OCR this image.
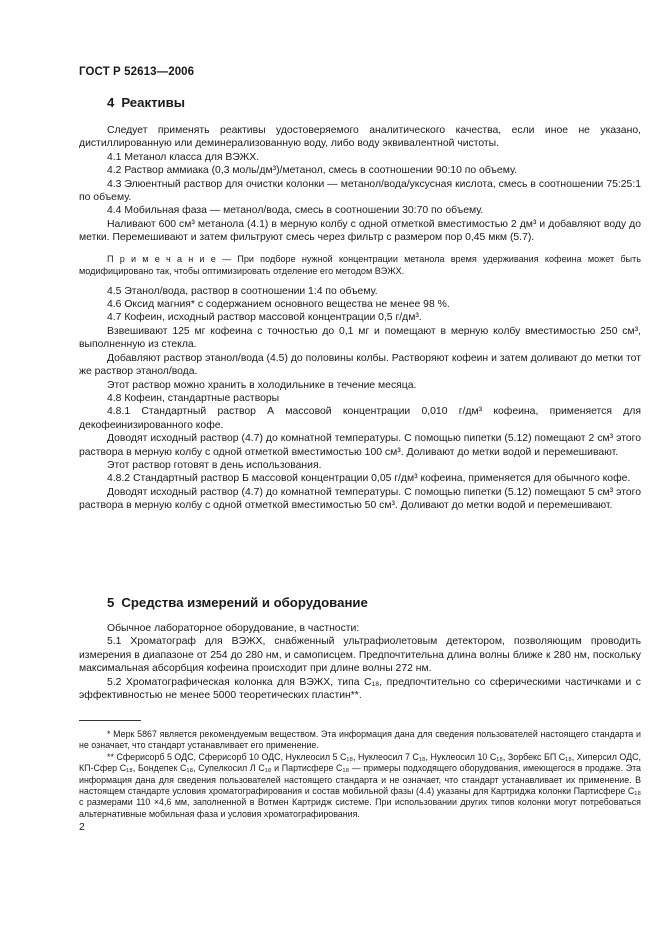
ГОСТ Р 52613—2006
4 Реактивы

Следует применять реактивы удостоверяемого аналитического качества, если иное не указано, дистиллированную или деминерализованную воду, либо воду эквивалентной чистоты.

4.1 Метанол класса для ВЭЖХ.

4.2 Раствор аммиака (0,3 моль/дм³)/метанол, смесь в соотношении 90:10 по объему.

4.3 Элюентный раствор для очистки колонки — метанол/вода/уксусная кислота, смесь в соотношении 75:25:1 по объему.

4.4 Мобильная фаза — метанол/вода, смесь в соотношении 30:70 по объему.

Наливают 600 см³ метанола (4.1) в мерную колбу с одной отметкой вместимостью 2 дм³ и добавляют воду до метки. Перемешивают и затем фильтруют смесь через фильтр с размером пор 0,45 мкм (5.7).

П р и м е ч а н и е — При подборе нужной концентрации метанола время удерживания кофеина может быть модифицировано так, чтобы оптимизировать отделение его методом ВЭЖХ.

4.5 Этанол/вода, раствор в соотношении 1:4 по объему.

4.6 Оксид магния* с содержанием основного вещества не менее 98 %.

4.7 Кофеин, исходный раствор массовой концентрации 0,5 г/дм³.

Взвешивают 125 мг кофеина с точностью до 0,1 мг и помещают в мерную колбу вместимостью 250 см³, выполненную из стекла.

Добавляют раствор этанол/вода (4.5) до половины колбы. Растворяют кофеин и затем доливают до метки тот же раствор этанол/вода.

Этот раствор можно хранить в холодильнике в течение месяца.

4.8 Кофеин, стандартные растворы

4.8.1 Стандартный раствор А массовой концентрации 0,010 г/дм³ кофеина, применяется для декофеинизированного кофе.

Доводят исходный раствор (4.7) до комнатной температуры. С помощью пипетки (5.12) помещают 2 см³ этого раствора в мерную колбу с одной отметкой вместимостью 100 см³. Доливают до метки водой и перемешивают.

Этот раствор готовят в день использования.

4.8.2 Стандартный раствор Б массовой концентрации 0,05 г/дм³ кофеина, применяется для обычного кофе.

Доводят исходный раствор (4.7) до комнатной температуры. С помощью пипетки (5.12) помещают 5 см³ этого раствора в мерную колбу с одной отметкой вместимостью 50 см³. Доливают до метки водой и перемешивают.

5 Средства измерений и оборудование

Обычное лабораторное оборудование, в частности:

5.1 Хроматограф для ВЭЖХ, снабженный ультрафиолетовым детектором, позволяющим проводить измерения в диапазоне от 254 до 280 нм, и самописцем. Предпочтительна длина волны ближе к 280 нм, поскольку максимальная абсорбция кофеина происходит при длине волны 272 нм.

5.2 Хроматографическая колонка для ВЭЖХ, типа C₁₈, предпочтительно со сферическими частичками и с эффективностью не менее 5000 теоретических пластин**.

* Мерк 5867 является рекомендуемым веществом. Эта информация дана для сведения пользователей настоящего стандарта и не означает, что стандарт устанавливает его применение.

** Сферисорб 5 ОДС, Сферисорб 10 ОДС, Нуклеосил 5 C₁₈, Нуклеосил 7 C₁₈, Нуклеосил 10 C₁₈, Зорбекс БП C₁₈, Хиперсил ОДС, КП-Сфер C₁₈, Бондепек C₁₈, Супелкосил Л C₁₈ и Партисфере C₁₈ — примеры подходящего оборудования, имеющегося в продаже. Эта информация дана для сведения пользователей настоящего стандарта и не означает, что стандарт устанавливает их применение. В настоящем стандарте условия хроматографирования и состав мобильной фазы (4.4) указаны для Картриджа колонки Партисфере C₁₈ с размерами 110 ×4,6 мм, заполненной в Вотмен Картридж системе. При использовании других типов колонки могут потребоваться альтернативные мобильная фаза и условия хроматографирования.

2
